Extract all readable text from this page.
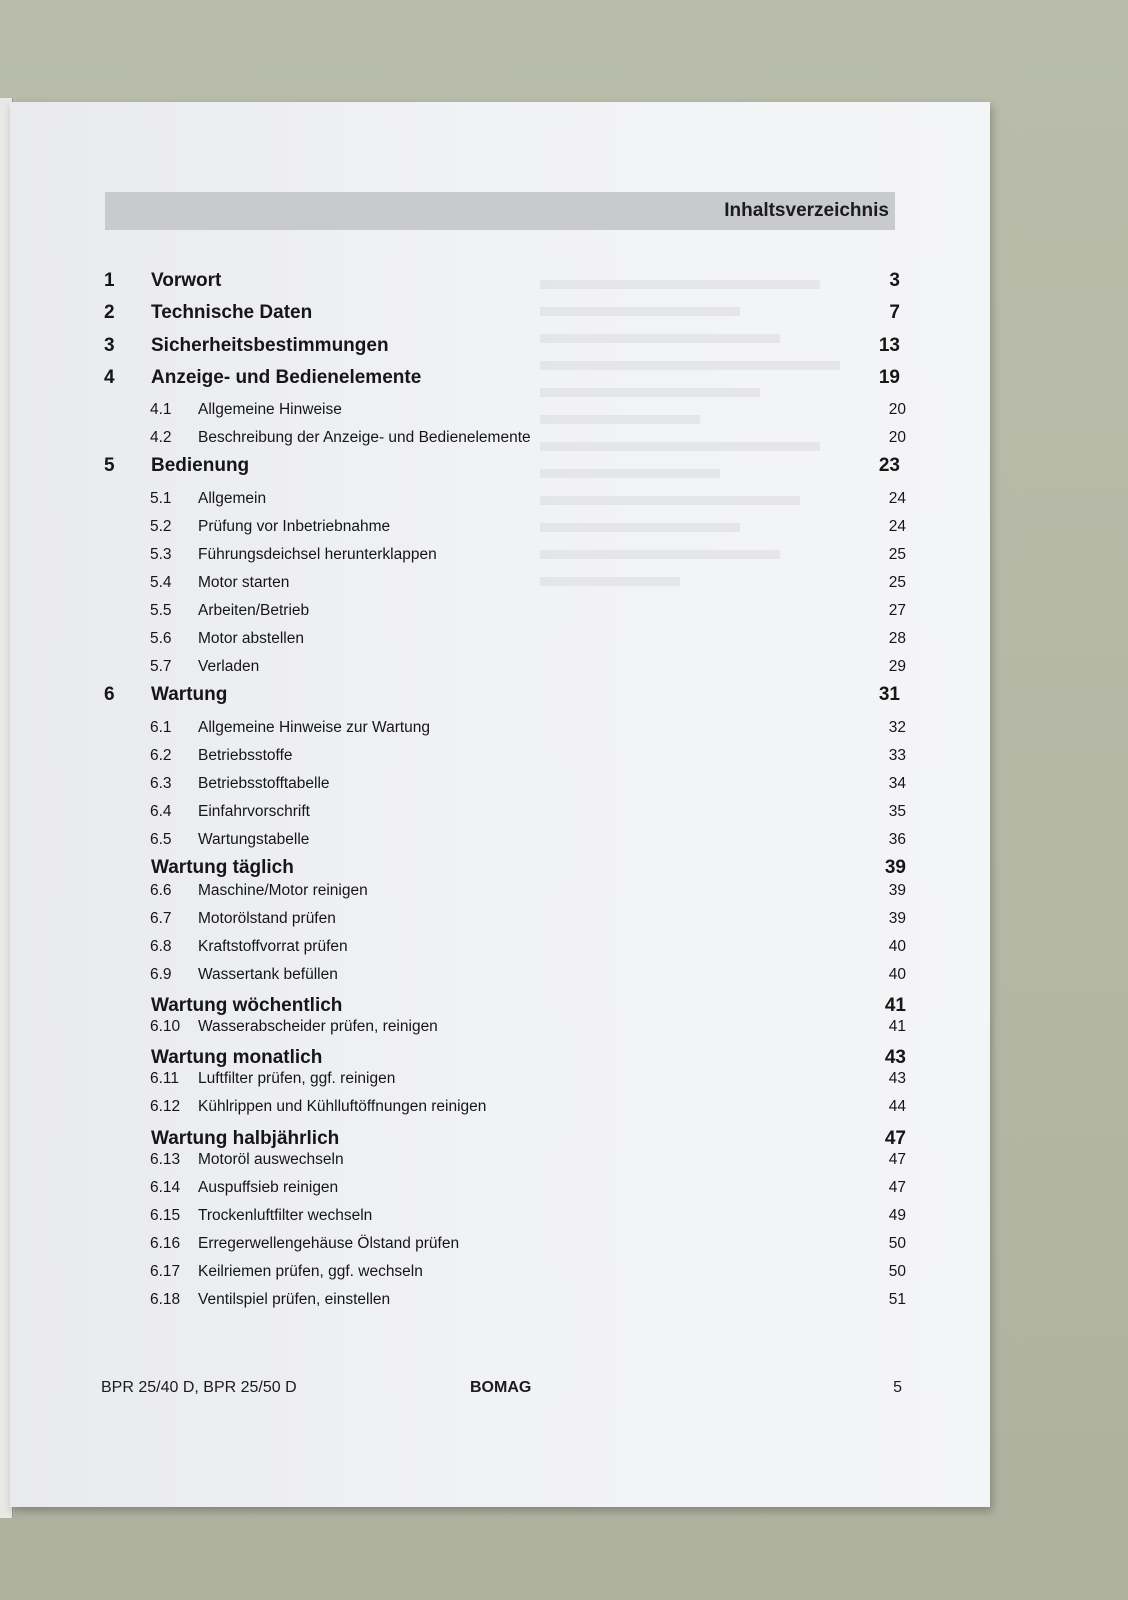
Inhaltsverzeichnis
1 Vorwort	3
2 Technische Daten	7
3 Sicherheitsbestimmungen	13
4 Anzeige- und Bedienelemente	19
4.1 Allgemeine Hinweise	20
4.2 Beschreibung der Anzeige- und Bedienelemente	20
5 Bedienung	23
5.1 Allgemein	24
5.2 Prüfung vor Inbetriebnahme	24
5.3 Führungsdeichsel herunterklappen	25
5.4 Motor starten	25
5.5 Arbeiten/Betrieb	27
5.6 Motor abstellen	28
5.7 Verladen	29
6 Wartung	31
6.1 Allgemeine Hinweise zur Wartung	32
6.2 Betriebsstoffe	33
6.3 Betriebsstofftabelle	34
6.4 Einfahrvorschrift	35
6.5 Wartungstabelle	36
Wartung täglich	39
6.6 Maschine/Motor reinigen	39
6.7 Motorölstand prüfen	39
6.8 Kraftstoffvorrat prüfen	40
6.9 Wassertank befüllen	40
Wartung wöchentlich	41
6.10 Wasserabscheider prüfen, reinigen	41
Wartung monatlich	43
6.11 Luftfilter prüfen, ggf. reinigen	43
6.12 Kühlrippen und Kühlluftöffnungen reinigen	44
Wartung halbjährlich	47
6.13 Motoröl auswechseln	47
6.14 Auspuffsieb reinigen	47
6.15 Trockenluftfilter wechseln	49
6.16 Erregerwellengehäuse Ölstand prüfen	50
6.17 Keilriemen prüfen, ggf. wechseln	50
6.18 Ventilspiel prüfen, einstellen	51
BPR 25/40 D, BPR 25/50 D	BOMAG	5
